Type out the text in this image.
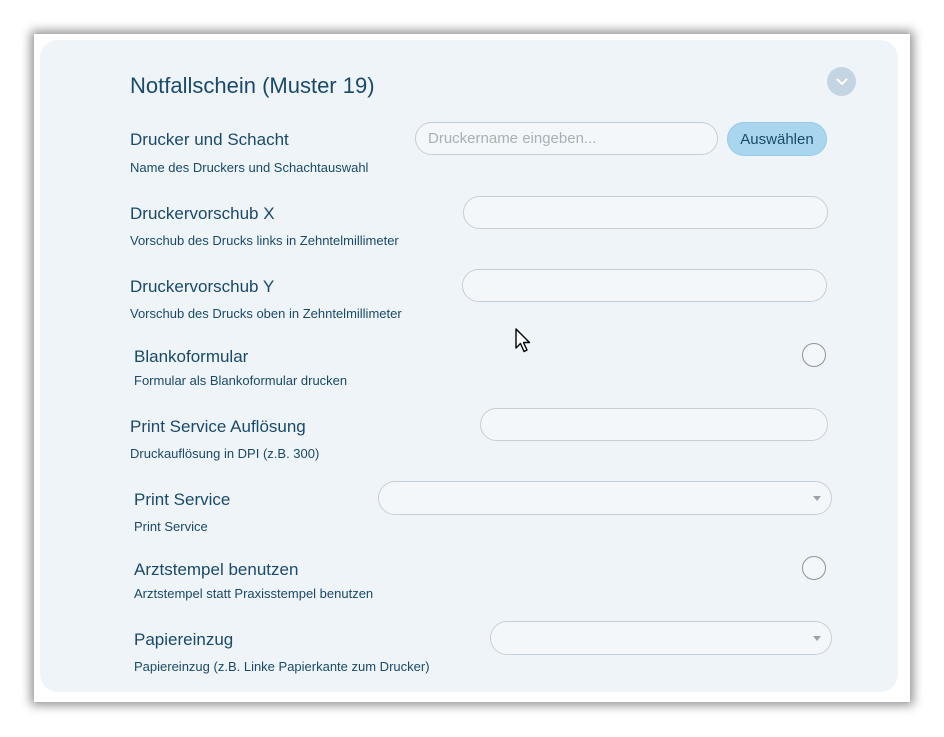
Notfallschein (Muster 19)
Drucker und Schacht
Name des Druckers und Schachtauswahl
Druckername eingeben...
Auswählen
Druckervorschub X
Vorschub des Drucks links in Zehntelmillimeter
Druckervorschub Y
Vorschub des Drucks oben in Zehntelmillimeter
Blankoformular
Formular als Blankoformular drucken
Print Service Auflösung
Druckauflösung in DPI (z.B. 300)
Print Service
Print Service
Arztstempel benutzen
Arztstempel statt Praxisstempel benutzen
Papiereinzug
Papiereinzug (z.B. Linke Papierkante zum Drucker)
